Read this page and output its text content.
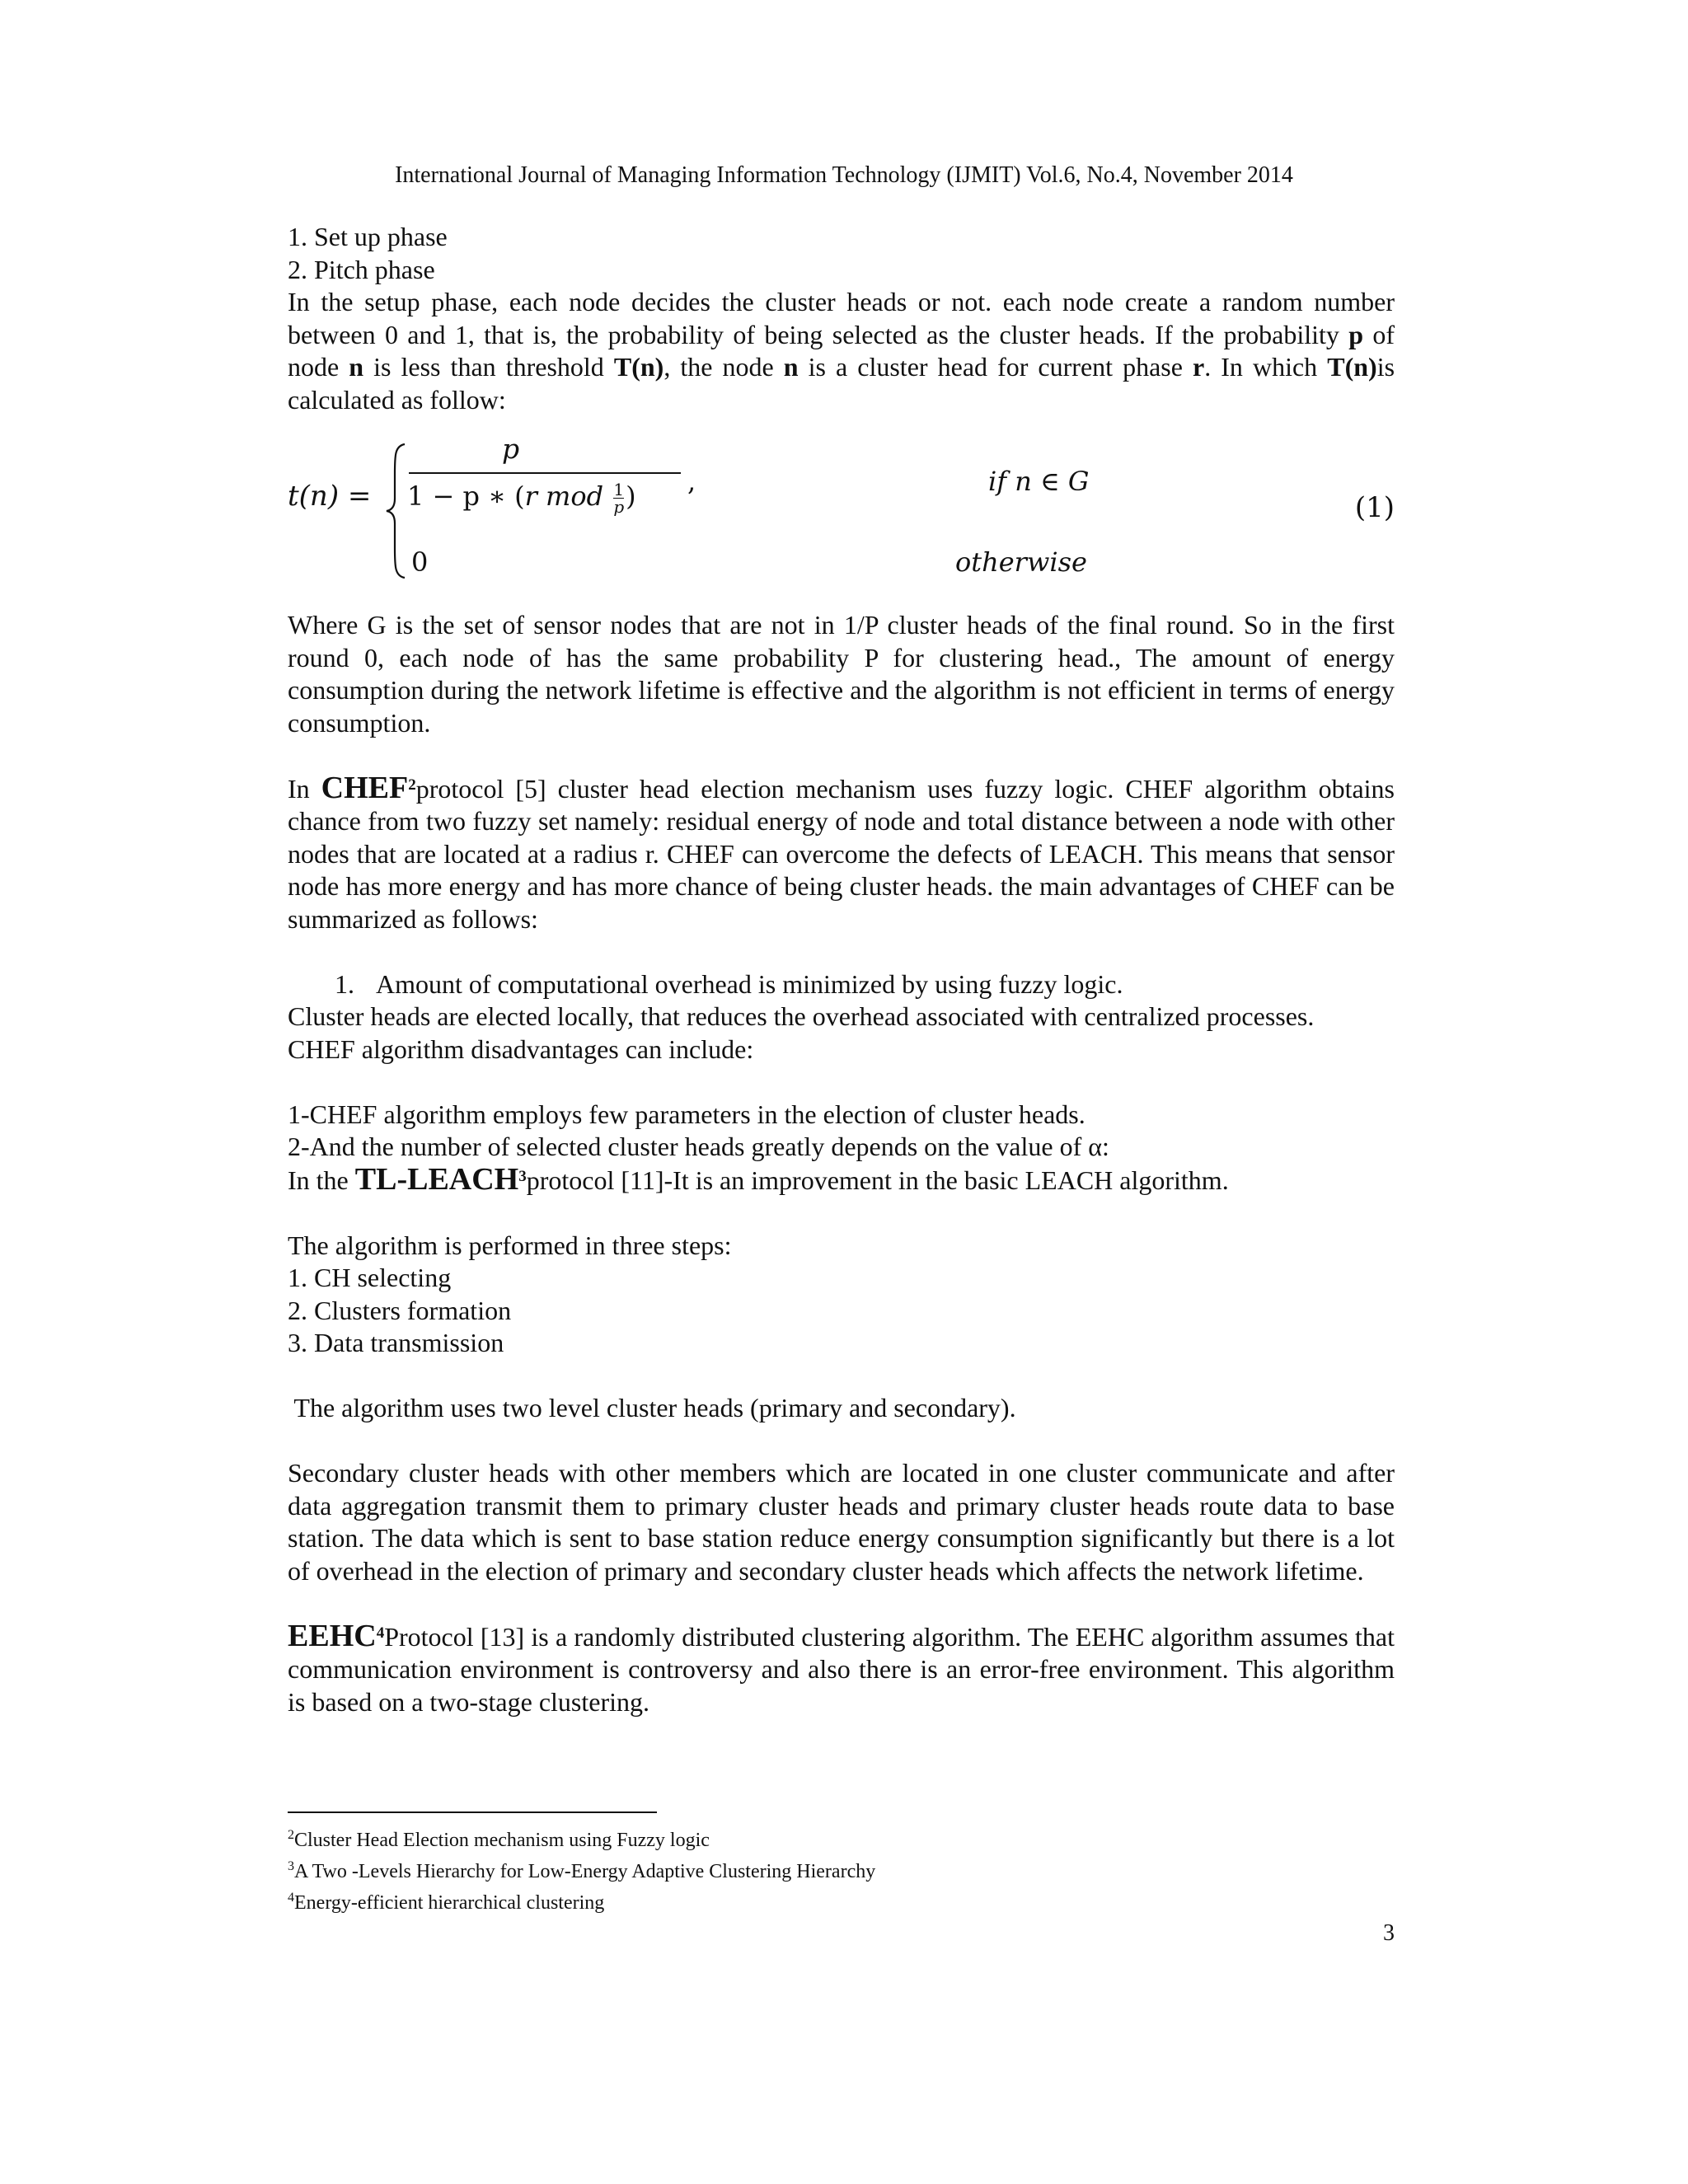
International Journal of Managing Information Technology (IJMIT) Vol.6, No.4, November 2014
1. Set up phase
2. Pitch phase

In the setup phase, each node decides the cluster heads or not. each node create a random number between 0 and 1, that is, the probability of being selected as the cluster heads. If the probability p of node n is less than threshold T(n), the node n is a cluster head for current phase r. In which T(n)is calculated as follow:

t(n) =
p
1 − p ∗ (r mod $\frac{1}{p}$ ) ,	if n ∈ G
0	otherwise
(1)

Where G is the set of sensor nodes that are not in 1/P cluster heads of the final round. So in the first round 0, each node of has the same probability P for clustering head., The amount of energy consumption during the network lifetime is effective and the algorithm is not efficient in terms of energy consumption.

In CHEF$^2$protocol [5] cluster head election mechanism uses fuzzy logic. CHEF algorithm obtains chance from two fuzzy set namely: residual energy of node and total distance between a node with other nodes that are located at a radius r. CHEF can overcome the defects of LEACH. This means that sensor node has more energy and has more chance of being cluster heads. the main advantages of CHEF can be summarized as follows:

1. Amount of computational overhead is minimized by using fuzzy logic.
Cluster heads are elected locally, that reduces the overhead associated with centralized processes.
CHEF algorithm disadvantages can include:
1-CHEF algorithm employs few parameters in the election of cluster heads.
2-And the number of selected cluster heads greatly depends on the value of α:
In the TL-LEACH$^3$protocol [11]-It is an improvement in the basic LEACH algorithm.
The algorithm is performed in three steps:
1. CH selecting
2. Clusters formation
3. Data transmission
The algorithm uses two level cluster heads (primary and secondary).

Secondary cluster heads with other members which are located in one cluster communicate and after data aggregation transmit them to primary cluster heads and primary cluster heads route data to base station. The data which is sent to base station reduce energy consumption significantly but there is a lot of overhead in the election of primary and secondary cluster heads which affects the network lifetime.

EEHC$^4$Protocol [13] is a randomly distributed clustering algorithm. The EEHC algorithm assumes that communication environment is controversy and also there is an error-free environment. This algorithm is based on a two-stage clustering.

$^2$Cluster Head Election mechanism using Fuzzy logic
$^3$A Two -Levels Hierarchy for Low-Energy Adaptive Clustering Hierarchy
$^4$Energy-efficient hierarchical clustering
3
